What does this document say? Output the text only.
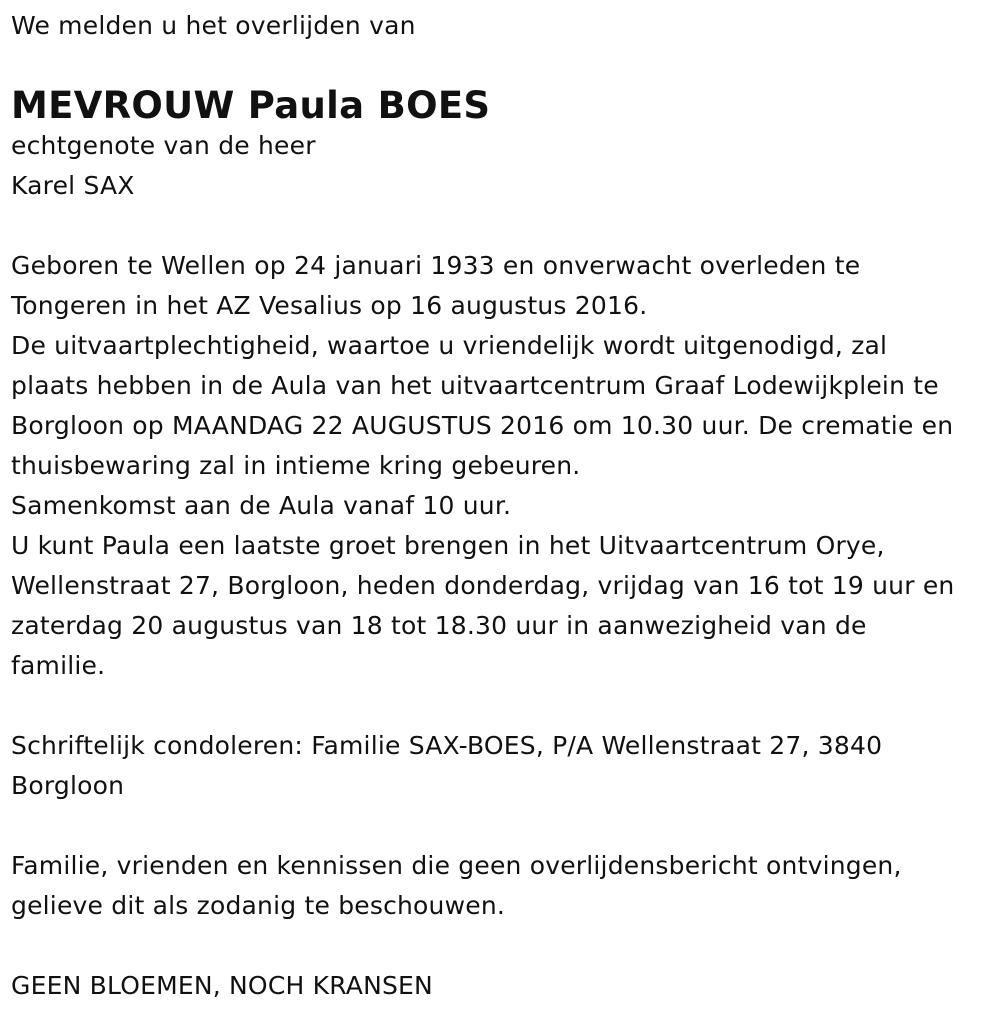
We melden u het overlijden van
MEVROUW Paula BOES
echtgenote van de heer
Karel SAX
Geboren te Wellen op 24 januari 1933 en onverwacht overleden te
Tongeren in het AZ Vesalius op 16 augustus 2016.
De uitvaartplechtigheid, waartoe u vriendelijk wordt uitgenodigd, zal
plaats hebben in de Aula van het uitvaartcentrum Graaf Lodewijkplein te
Borgloon op MAANDAG 22 AUGUSTUS 2016 om 10.30 uur. De crematie en
thuisbewaring zal in intieme kring gebeuren.
Samenkomst aan de Aula vanaf 10 uur.
U kunt Paula een laatste groet brengen in het Uitvaartcentrum Orye,
Wellenstraat 27, Borgloon, heden donderdag, vrijdag van 16 tot 19 uur en
zaterdag 20 augustus van 18 tot 18.30 uur in aanwezigheid van de
familie.
Schriftelijk condoleren: Familie SAX-BOES, P/A Wellenstraat 27, 3840
Borgloon
Familie, vrienden en kennissen die geen overlijdensbericht ontvingen,
gelieve dit als zodanig te beschouwen.
GEEN BLOEMEN, NOCH KRANSEN
